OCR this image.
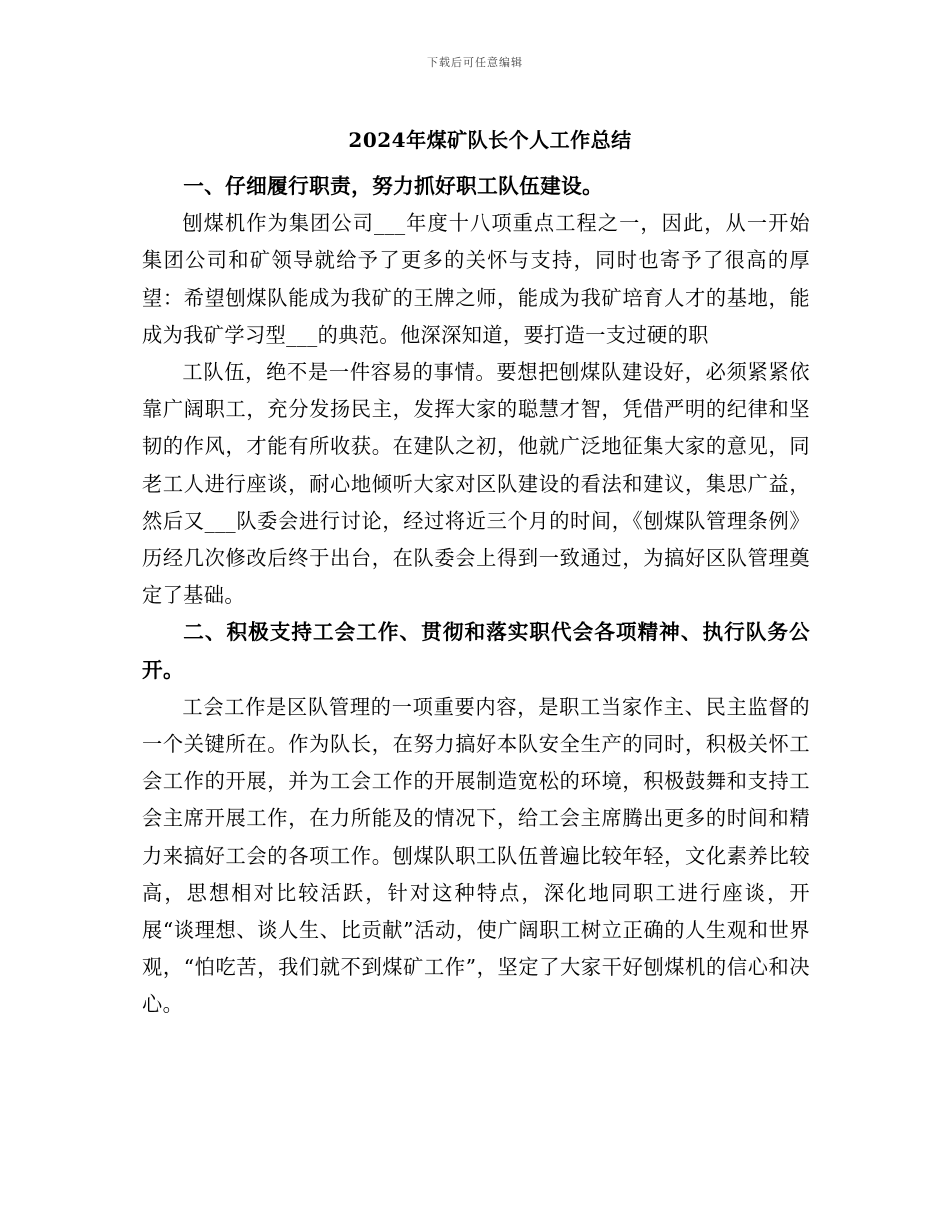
下载后可任意编辑
2024年煤矿队长个人工作总结

一、仔细履行职责，努力抓好职工队伍建设。

刨煤机作为集团公司___年度十八项重点工程之一，因此，从一开始集团公司和矿领导就给予了更多的关怀与支持，同时也寄予了很高的厚望：希望刨煤队能成为我矿的王牌之师，能成为我矿培育人才的基地，能成为我矿学习型___的典范。他深深知道，要打造一支过硬的职

工队伍，绝不是一件容易的事情。要想把刨煤队建设好，必须紧紧依靠广阔职工，充分发扬民主，发挥大家的聪慧才智，凭借严明的纪律和坚韧的作风，才能有所收获。在建队之初，他就广泛地征集大家的意见，同老工人进行座谈，耐心地倾听大家对区队建设的看法和建议，集思广益，然后又___队委会进行讨论，经过将近三个月的时间，《刨煤队管理条例》历经几次修改后终于出台，在队委会上得到一致通过，为搞好区队管理奠定了基础。

二、积极支持工会工作、贯彻和落实职代会各项精神、执行队务公开。

工会工作是区队管理的一项重要内容，是职工当家作主、民主监督的一个关键所在。作为队长，在努力搞好本队安全生产的同时，积极关怀工会工作的开展，并为工会工作的开展制造宽松的环境，积极鼓舞和支持工会主席开展工作，在力所能及的情况下，给工会主席腾出更多的时间和精力来搞好工会的各项工作。刨煤队职工队伍普遍比较年轻，文化素养比较高，思想相对比较活跃，针对这种特点，深化地同职工进行座谈，开展“谈理想、谈人生、比贡献”活动，使广阔职工树立正确的人生观和世界观，“怕吃苦，我们就不到煤矿工作”，坚定了大家干好刨煤机的信心和决心。
